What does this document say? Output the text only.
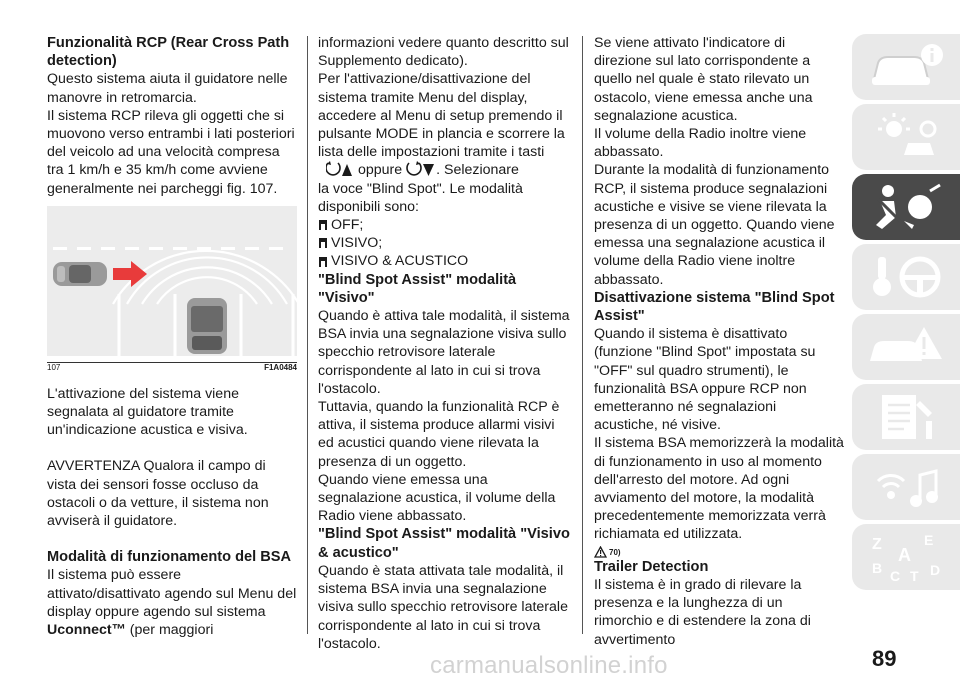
Funzionalità RCP (Rear Cross Path detection)

Questo sistema aiuta il guidatore nelle manovre in retromarcia.

Il sistema RCP rileva gli oggetti che si muovono verso entrambi i lati posteriori del veicolo ad una velocità compresa tra 1 km/h e 35 km/h come avviene generalmente nei parcheggi fig. 107.

107	F1A0484

L'attivazione del sistema viene segnalata al guidatore tramite un'indicazione acustica e visiva.

AVVERTENZA Qualora il campo di vista dei sensori fosse occluso da ostacoli o da vetture, il sistema non avviserà il guidatore.

Modalità di funzionamento del BSA

Il sistema può essere attivato/disattivato agendo sul Menu del display oppure agendo sul sistema Uconnect™ (per maggiori

informazioni vedere quanto descritto sul Supplemento dedicato).

Per l'attivazione/disattivazione del sistema tramite Menu del display, accedere al Menu di setup premendo il pulsante MODE in plancia e scorrere la lista delle impostazioni tramite i tasti

oppure . Selezionare

la voce "Blind Spot". Le modalità disponibili sono:

OFF;
VISIVO;
VISIVO & ACUSTICO
"Blind Spot Assist" modalità "Visivo"

Quando è attiva tale modalità, il sistema BSA invia una segnalazione visiva sullo specchio retrovisore laterale corrispondente al lato in cui si trova l'ostacolo.

Tuttavia, quando la funzionalità RCP è attiva, il sistema produce allarmi visivi ed acustici quando viene rilevata la presenza di un oggetto.

Quando viene emessa una segnalazione acustica, il volume della Radio viene abbassato.

"Blind Spot Assist" modalità "Visivo & acustico"

Quando è stata attivata tale modalità, il sistema BSA invia una segnalazione visiva sullo specchio retrovisore laterale corrispondente al lato in cui si trova l'ostacolo.

Se viene attivato l'indicatore di direzione sul lato corrispondente a quello nel quale è stato rilevato un ostacolo, viene emessa anche una segnalazione acustica.

Il volume della Radio inoltre viene abbassato.

Durante la modalità di funzionamento RCP, il sistema produce segnalazioni acustiche e visive se viene rilevata la presenza di un oggetto. Quando viene emessa una segnalazione acustica il volume della Radio viene inoltre abbassato.

Disattivazione sistema "Blind Spot Assist"

Quando il sistema è disattivato (funzione "Blind Spot" impostata su "OFF" sul quadro strumenti), le funzionalità BSA oppure RCP non emetteranno né segnalazioni acustiche, né visive.

Il sistema BSA memorizzerà la modalità di funzionamento in uso al momento dell'arresto del motore. Ad ogni avviamento del motore, la modalità precedentemente memorizzata verrà richiamata ed utilizzata.

70)
Trailer Detection

Il sistema è in grado di rilevare la presenza e la lunghezza di un rimorchio e di estendere la zona di avvertimento

Z	E
A
B C T D
89
carmanualsonline.info
